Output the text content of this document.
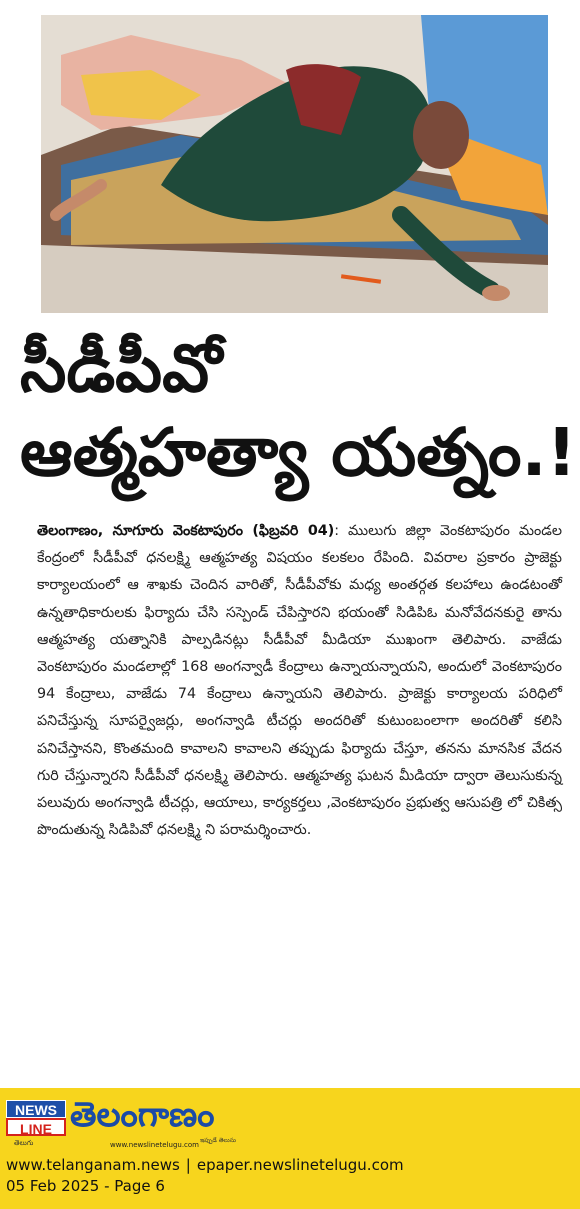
సీడీపీవో
ఆత్మహత్యా యత్నం.!
తెలంగాణం, నూగూరు వెంకటాపురం (ఫిబ్రవరి 04): ములుగు జిల్లా వెంకటాపురం మండల కేంద్రంలో సీడీపీవో ధనలక్ష్మి ఆత్మహత్య విషయం కలకలం రేపింది. వివరాల ప్రకారం ప్రాజెక్టు కార్యాలయంలో ఆ శాఖకు చెందిన వారితో, సీడీపీవోకు మధ్య అంతర్గత కలహాలు ఉండటంతో ఉన్నతాధికారులకు ఫిర్యాదు చేసి సస్పెండ్ చేపిస్తారని భయంతో సిడిపిఓ మనోవేదనకురై తాను ఆత్మహత్య యత్నానికి పాల్పడినట్లు సీడీపీవో మీడియా ముఖంగా తెలిపారు. వాజేడు వెంకటాపురం మండలాల్లో 168 అంగన్వాడీ కేంద్రాలు ఉన్నాయన్నాయని, అందులో వెంకటాపురం 94 కేంద్రాలు, వాజేడు 74 కేంద్రాలు ఉన్నాయని తెలిపారు. ప్రాజెక్టు కార్యాలయ పరిధిలో పనిచేస్తున్న సూపర్వైజర్లు, అంగన్వాడి టీచర్లు అందరితో కుటుంబంలాగా అందరితో కలిసి పనిచేస్తానని, కొంతమంది కావాలని కావాలని తప్పుడు ఫిర్యాదు చేస్తూ, తనను మానసిక వేదన గురి చేస్తున్నారని సీడీపీవో ధనలక్ష్మి తెలిపారు. ఆత్మహత్య ఘటన మీడియా ద్వారా తెలుసుకున్న పలువురు అంగన్వాడి టీచర్లు, ఆయాలు, కార్యకర్తలు ,వెంకటాపురం ప్రభుత్వ ఆసుపత్రి లో చికిత్స పొందుతున్న సిడిపివో ధనలక్ష్మి ని పరామర్శించారు.
NEWS
LINE
తెలుగు
తెలంగాణం
ఇప్పుడే తెలుసు
www.newslinetelugu.com
www.telanganam.news | epaper.newslinetelugu.com
05 Feb 2025 - Page 6
